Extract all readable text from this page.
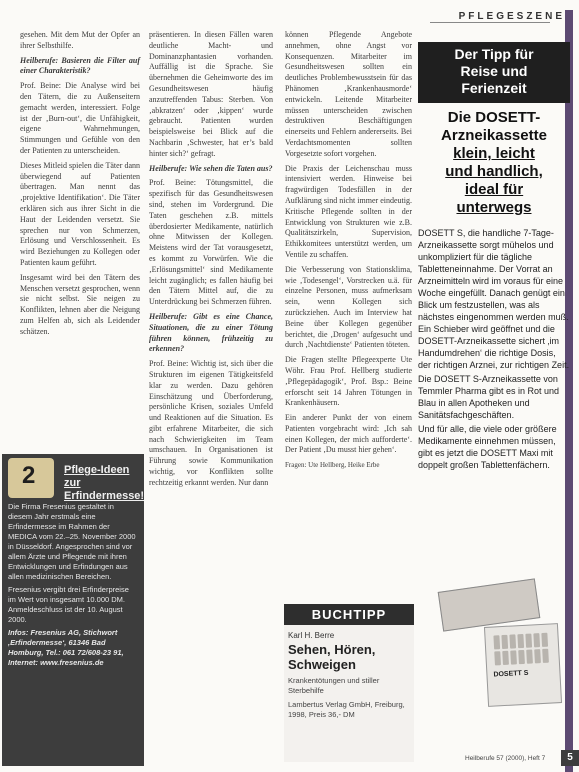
PFLEGESZENE

gesehen. Mit dem Mut der Opfer an ihrer Selbsthilfe.

Heilberufe: Basieren die Filter auf einer Charakteristik?

Prof. Beine: Die Analyse wird bei den Tätern, die zu Außenseitern gemacht werden, interessiert. Folge ist der ‚Burn-out‘, die Unfähigkeit, eigene Wahrnehmungen, Stimmungen und Gefühle von den der Patienten zu unterscheiden.

Dieses Mitleid spielen die Täter dann überwiegend auf Patienten übertragen. Man nennt das ‚projektive Identifikation‘. Die Täter erklären sich aus ihrer Sicht in die Haut der Leidenden versetzt. Sie sprechen nur von Schmerzen, Erlösung und Verschlossenheit. Es wird Beziehungen zu Kollegen oder Patienten kaum geführt.

Insgesamt wird bei den Tätern des Menschen versetzt gesprochen, wenn sie nicht selbst. Sie neigen zu Konflikten, lehnen aber die Neigung zum Helfen ab, sich als Leidender schätzen.

präsentieren. In diesen Fällen waren deutliche Macht- und Dominanzphantasien vorhanden. Auffällig ist die Sprache. Sie übernehmen die Geheimworte des im Gesundheitswesen häufig anzutreffenden Tabus: Sterben. Von ‚abkratzen‘ oder ‚kippen‘ wurde gebraucht. Patienten wurden beispielsweise bei Blick auf die Nachbarin ‚Schwester, hat er’s bald hinter sich?‘ gefragt.

Heilberufe: Wie sehen die Taten aus?

Prof. Beine: Tötungsmittel, die spezifisch für das Gesundheitswesen sind, stehen im Vordergrund. Die Taten geschehen z.B. mittels überdosierter Medikamente, natürlich ohne Mitwissen der Kollegen. Meistens wird der Tat vorausgesetzt, es kommt zu Vorwürfen. Wie die ‚Erlösungsmittel‘ sind Medikamente leicht zugänglich; es fallen häufig bei den Tätern Mittel auf, die zu Unterdrückung bei Schmerzen führen.

Heilberufe: Gibt es eine Chance, Situationen, die zu einer Tötung führen können, frühzeitig zu erkennen?

Prof. Beine: Wichtig ist, sich über die Strukturen im eigenen Tätigkeitsfeld klar zu werden. Dazu gehören Einschätzung und Überforderung, persönliche Krisen, soziales Umfeld und Reaktionen auf die Situation. Es gibt erfahrene Mitarbeiter, die sich nach Schwierigkeiten im Team umschauen. In Organisationen ist Führung sowie Kommunikation wichtig, vor Konflikten sollte rechtzeitig erkannt werden. Nur dann

können Pflegende Angebote annehmen, ohne Angst vor Konsequenzen. Mitarbeiter im Gesundheitswesen sollten ein deutliches Problembewusstsein für das Phänomen ‚Krankenhausmorde‘ entwickeln. Leitende Mitarbeiter müssen unterscheiden zwischen destruktiven Beschäftigungen einerseits und Fehlern andererseits. Bei Verdachtsmomenten sollten Vorgesetzte sofort vorgehen.

Die Praxis der Leichenschau muss intensiviert werden. Hinweise bei fragwürdigen Todesfällen in der Aufklärung sind nicht immer eindeutig. Kritische Pflegende sollten in der Entwicklung von Strukturen wie z.B. Qualitätszirkeln, Supervision, Ethikkomitees unterstützt werden, um Ventile zu schaffen.

Die Verbesserung von Stationsklima, wie ‚Todesengel‘, Vorstrecken u.ä. für einzelne Personen, muss aufmerksam sein, wenn Kollegen sich zurückziehen. Auch im Interview hat Beine über Kollegen gegenüber berichtet, die ‚Drogen‘ aufgesucht und durch ‚Nachtdienste‘ Patienten töteten.

Die Fragen stellte Pflegeexperte Ute Wöhr. Frau Prof. Hellberg studierte ‚Pflegepädagogik‘, Prof. Bsp.: Beine erforscht seit 14 Jahren Tötungen in Krankenhäusern.

Ein anderer Punkt der von einem Patienten vorgebracht wird: ‚Ich sah einen Kollegen, der mich aufforderte‘. Der Patient ‚Du musst hier gehen‘.

Fragen: Ute Hellberg, Heike Erbe

Der Tipp für
Reise und
Ferienzeit
Die DOSETT-
Arzneikassette
klein, leicht
und handlich,
ideal für
unterwegs

DOSETT S, die handliche 7-Tage-Arzneikassette sorgt mühelos und unkompliziert für die tägliche Tabletteneinnahme. Der Vorrat an Arzneimitteln wird im voraus für eine Woche eingefüllt. Danach genügt ein Blick um festzustellen, was als nächstes eingenommen werden muß. Ein Schieber wird geöffnet und die DOSETT-Arzneikassette sichert ‚im Handumdrehen‘ die richtige Dosis, der richtigen Arznei, zur richtigen Zeit.

Die DOSETT S-Arzneikassette von Temmler Pharma gibt es in Rot und Blau in allen Apotheken und Sanitätsfachgeschäften.

Und für alle, die viele oder größere Medikamente einnehmen müssen, gibt es jetzt die DOSETT Maxi mit doppelt großen Tablettenfächern.

DOSETT S
2	Pflege-Ideen
zur
Erfindermesse!

Die Firma Fresenius gestaltet in diesem Jahr erstmals eine Erfindermesse im Rahmen der MEDICA vom 22.–25. November 2000 in Düsseldorf. Angesprochen sind vor allem Ärzte und Pflegende mit ihren Entwicklungen und Erfindungen aus allen medizinischen Bereichen.

Fresenius vergibt drei Erfinderpreise im Wert von insgesamt 10.000 DM. Anmeldeschluss ist der 10. August 2000.

Infos: Fresenius AG, Stichwort ‚Erfindermesse‘, 61346 Bad Homburg, Tel.: 061 72/608-23 91, Internet: www.fresenius.de

BUCHTIPP
Karl H. Berre
Sehen, Hören,
Schweigen
Krankentötungen und stiller Sterbehilfe
Lambertus Verlag GmbH, Freiburg, 1998, Preis 36,- DM
Heilberufe 57 (2000), Heft 7	5
